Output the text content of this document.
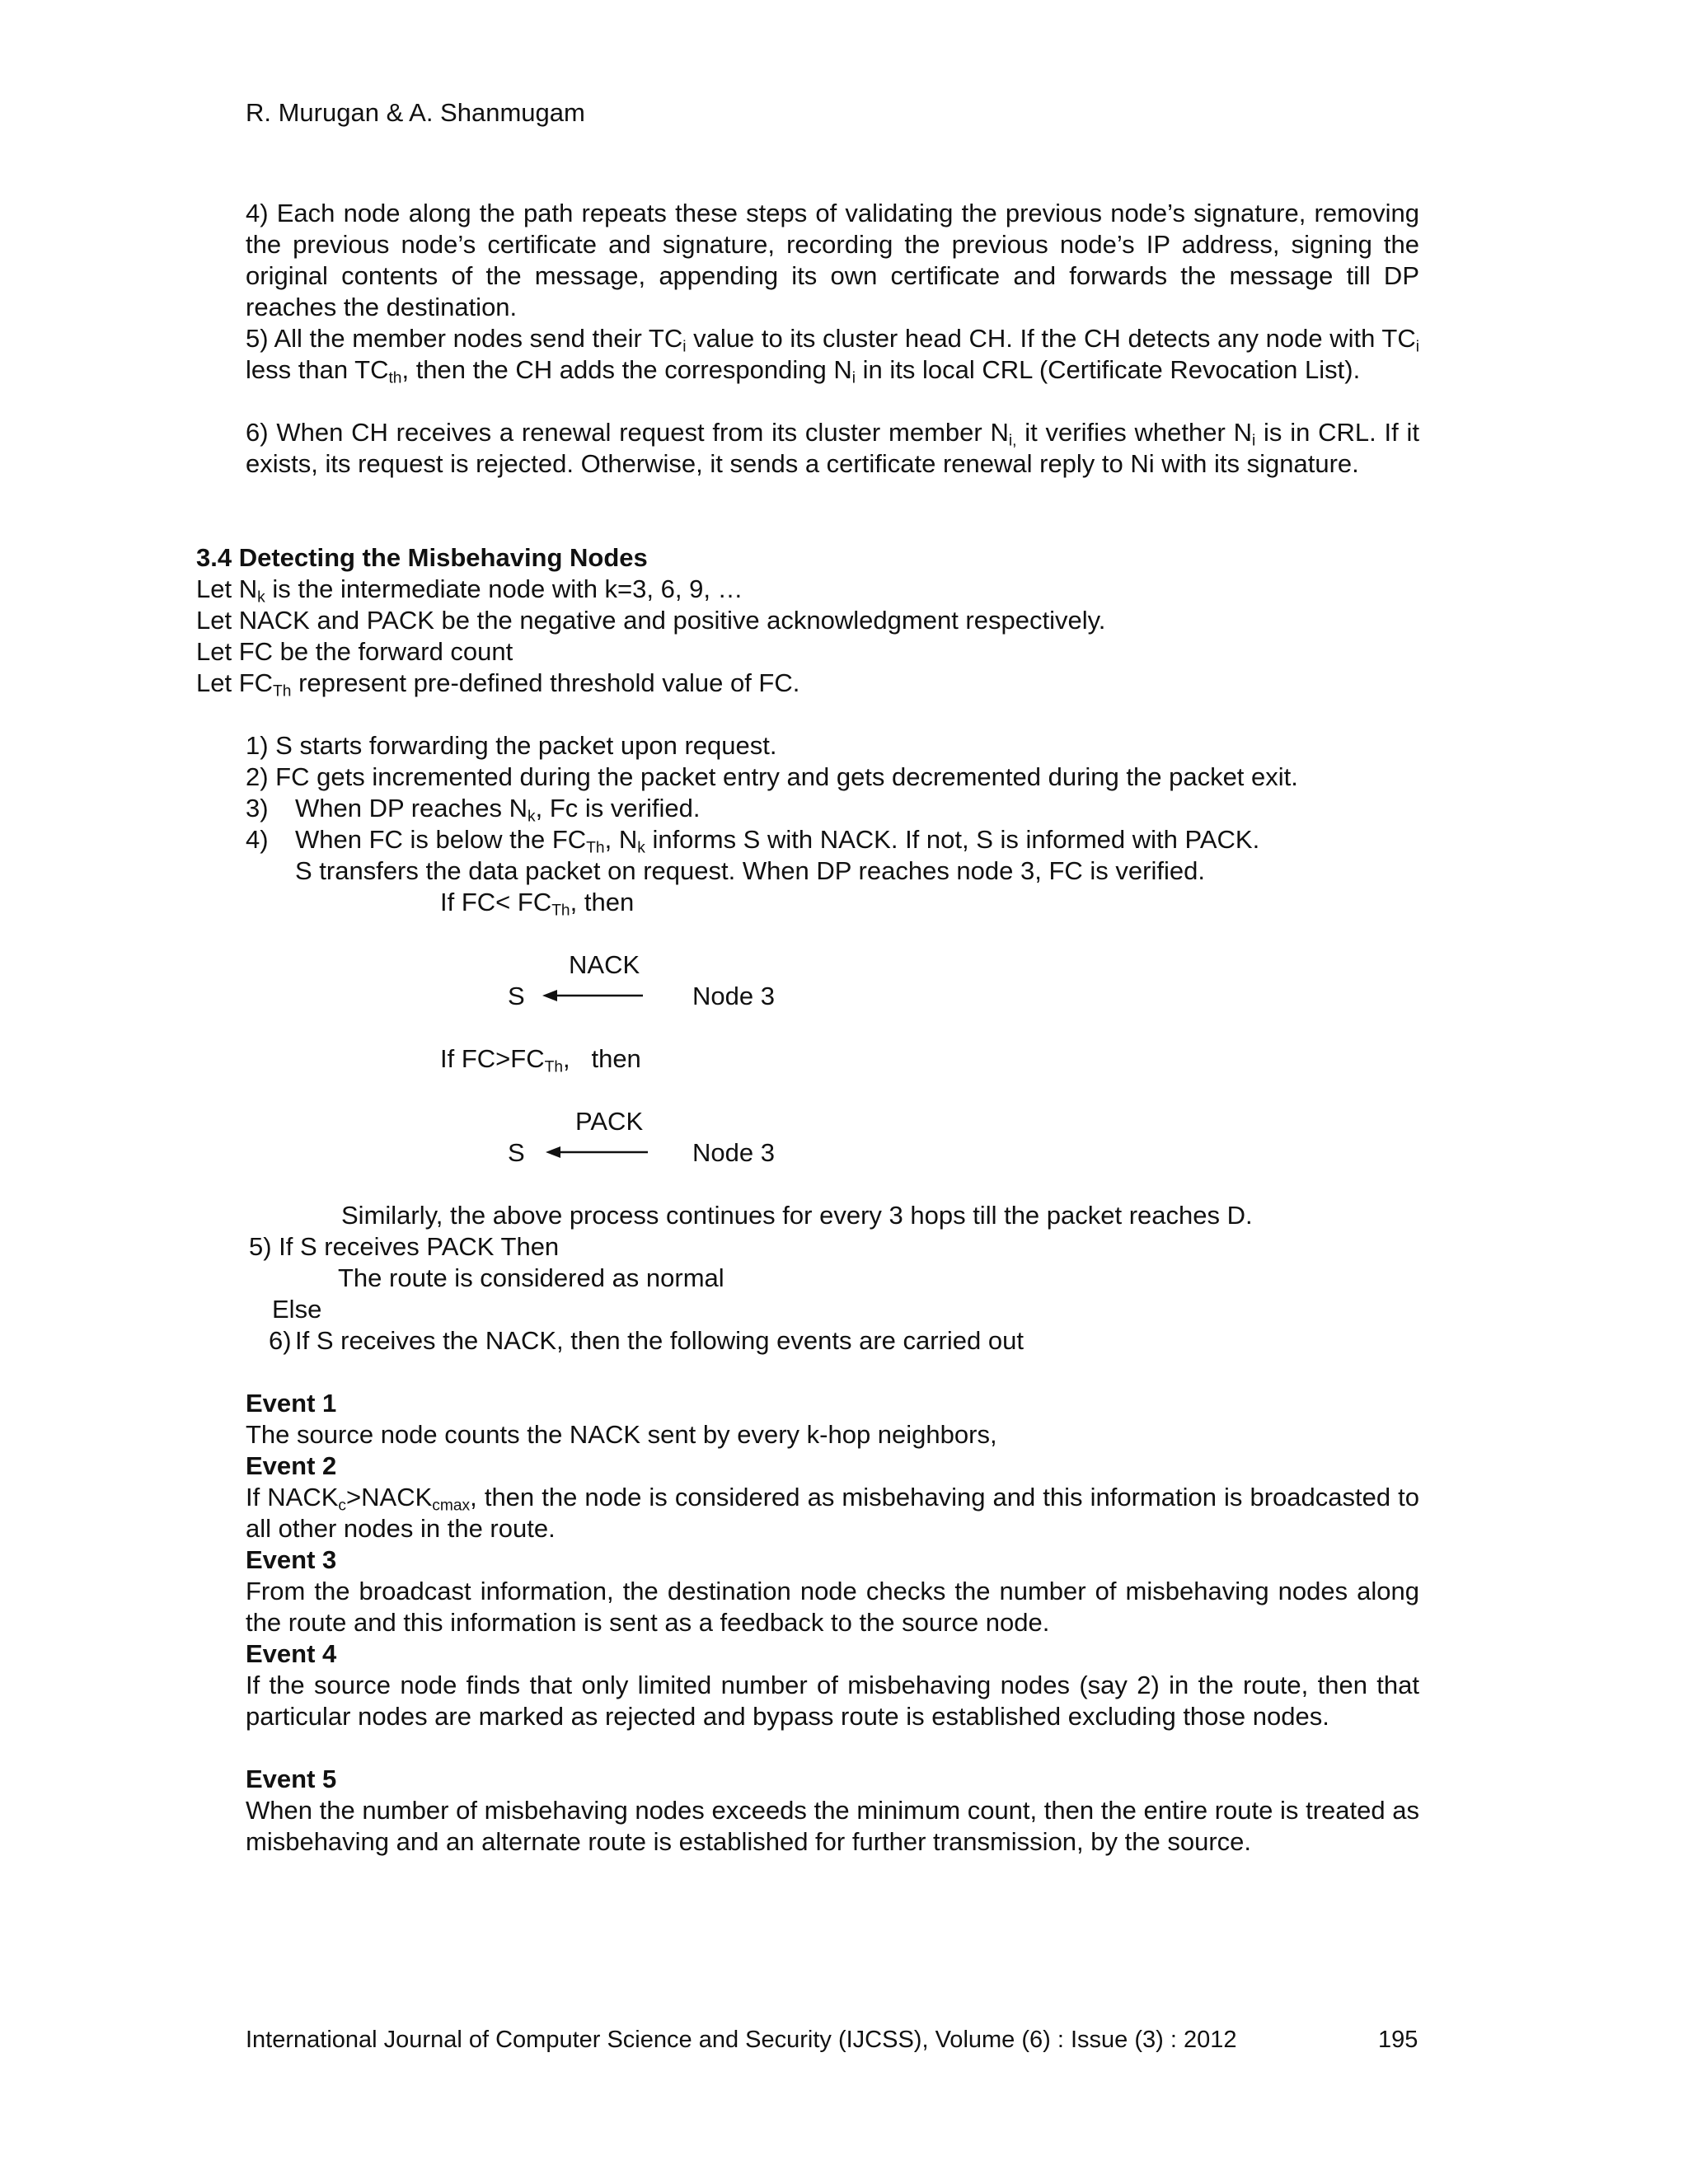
R. Murugan & A. Shanmugam

4) Each node along the path repeats these steps of validating the previous node’s signature, removing the previous node’s certificate and signature, recording the previous node’s IP address, signing the original contents of the message, appending its own certificate and forwards the message till DP reaches the destination.

5) All the member nodes send their $TC_i$ value to its cluster head CH. If the CH detects any node with $TC_i$ less than $TC_{th}$, then the CH adds the corresponding $N_i$ in its local CRL (Certificate Revocation List).

6) When CH receives a renewal request from its cluster member $N_{i,}$ it verifies whether $N_i$ is in CRL. If it exists, its request is rejected. Otherwise, it sends a certificate renewal reply to Ni with its signature.

3.4 Detecting the Misbehaving Nodes
Let $N_k$ is the intermediate node with k=3, 6, 9, …
Let NACK and PACK be the negative and positive acknowledgment respectively.
Let FC be the forward count
Let $FC_{Th}$ represent pre-defined threshold value of FC.
1) S starts forwarding the packet upon request.
2) FC gets incremented during the packet entry and gets decremented during the packet exit.
3) When DP reaches $N_k$, Fc is verified.
4) When FC is below the $FC_{Th}$, $N_k$ informs S with NACK. If not, S is informed with PACK.
S transfers the data packet on request. When DP reaches node 3, FC is verified.
If $FC< FC_{Th}$, then
NACK
S	Node 3
If $FC>FC_{Th}$,   then
PACK
S	Node 3
Similarly, the above process continues for every 3 hops till the packet reaches D.
5) If S receives PACK Then
The route is considered as normal
Else
6) If S receives the NACK, then the following events are carried out
Event 1
The source node counts the NACK sent by every k-hop neighbors,
Event 2

If $NACK_c>NACK_{cmax}$, then the node is considered as misbehaving and this information is broadcasted to all other nodes in the route.

Event 3

From the broadcast information, the destination node checks the number of misbehaving nodes along the route and this information is sent as a feedback to the source node.

Event 4

If the source node finds that only limited number of misbehaving nodes (say 2) in the route, then that particular nodes are marked as rejected and bypass route is established excluding those nodes.

Event 5

When the number of misbehaving nodes exceeds the minimum count, then the entire route is treated as misbehaving and an alternate route is established for further transmission, by the source.

International Journal of Computer Science and Security (IJCSS), Volume (6) : Issue (3) : 2012	195
